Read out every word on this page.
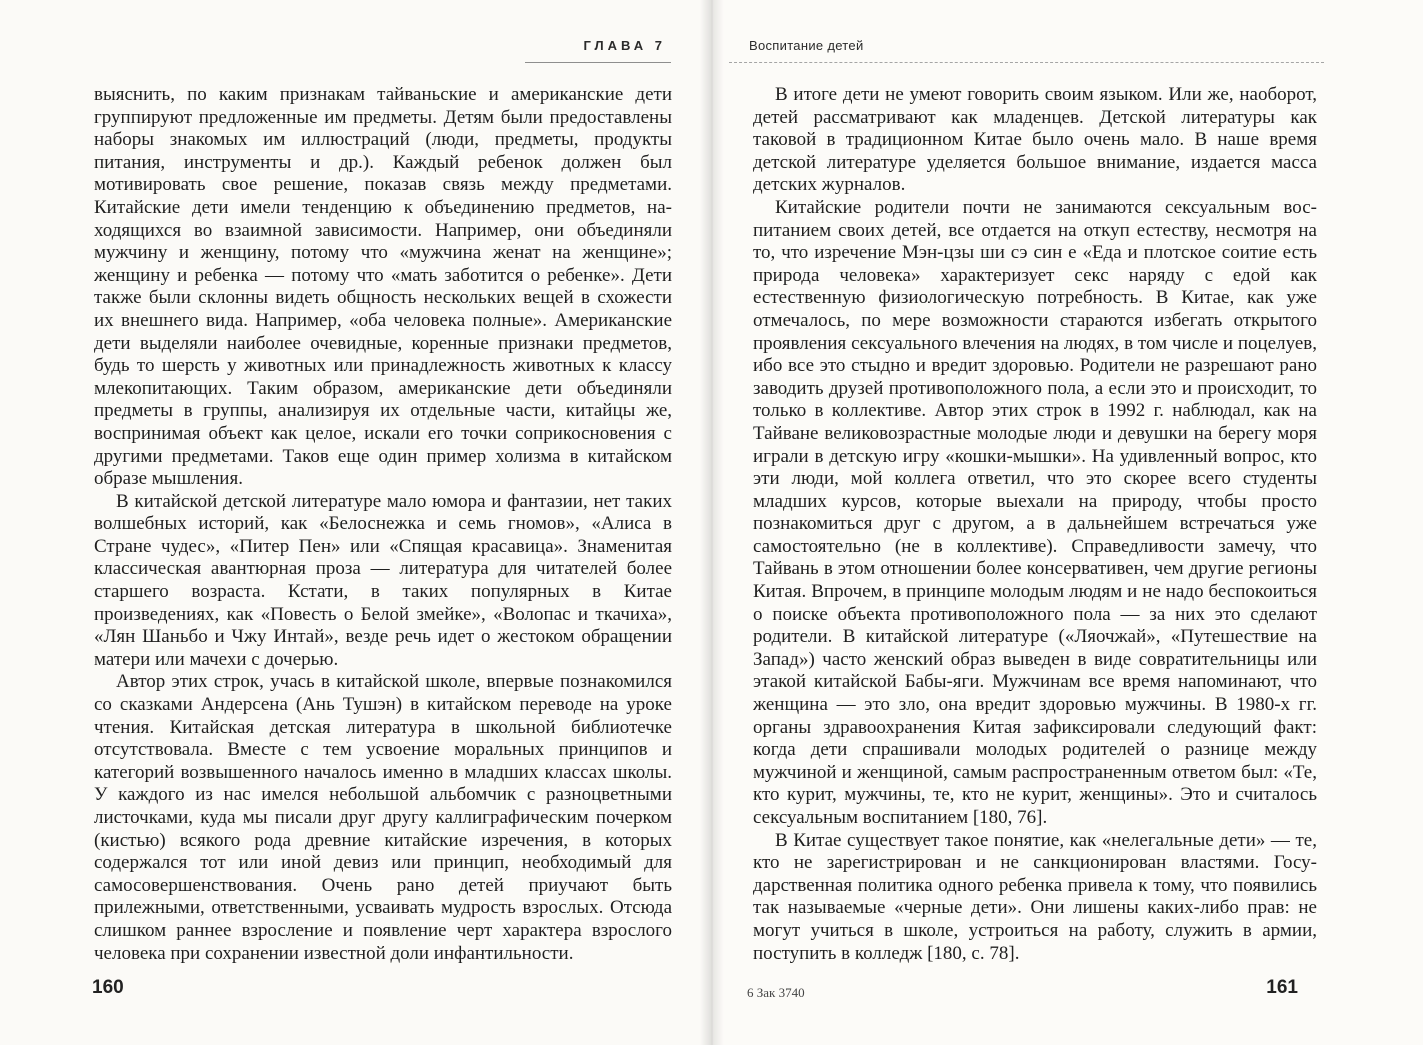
ГЛАВА 7

выяснить, по каким признакам тайваньские и американские дети группируют предложенные им предметы. Детям были предоставлены наборы знакомых им иллюстраций (люди, предметы, продукты питания, инструменты и др.). Каждый ребенок должен был мотивировать свое решение, показав связь между предметами. Китайские дети имели тенденцию к объединению предметов, находящихся во взаимной зависимости. Например, они объединяли мужчину и женщину, потому что «мужчина женат на женщине»; женщину и ребенка — потому что «мать заботится о ребенке». Дети также были склонны видеть общность нескольких вещей в схожести их внешнего вида. Например, «оба человека полные». Американские дети выделяли наиболее очевидные, коренные признаки предметов, будь то шерсть у животных или принадлежность животных к классу млекопитающих. Таким образом, американские дети объединяли предметы в группы, анализируя их отдельные части, китайцы же, воспринимая объект как целое, искали его точки соприкосновения с другими предметами. Таков еще один пример холизма в китайском образе мышления.

В китайской детской литературе мало юмора и фантазии, нет таких волшебных историй, как «Белоснежка и семь гномов», «Алиса в Стране чудес», «Питер Пен» или «Спящая красавица». Знаменитая классическая авантюрная проза — литература для читателей более старшего возраста. Кстати, в таких популярных в Китае произведениях, как «Повесть о Белой змейке», «Волопас и ткачиха», «Лян Шаньбо и Чжу Интай», везде речь идет о жестоком обращении матери или мачехи с дочерью.

Автор этих строк, учась в китайской школе, впервые познакомился со сказками Андерсена (Ань Тушэн) в китайском переводе на уроке чтения. Китайская детская литература в школьной библиотечке отсутствовала. Вместе с тем усвоение моральных принципов и категорий возвышенного началось именно в младших классах школы. У каждого из нас имелся небольшой альбомчик с разноцветными листочками, куда мы писали друг другу каллиграфическим почерком (кистью) всякого рода древние китайские изречения, в которых содержался тот или иной девиз или принцип, необходимый для самосовершенствования. Очень рано детей приучают быть прилежными, ответственными, усваивать мудрость взрослых. Отсюда слишком раннее взросление и появление черт характера взрослого человека при сохранении известной доли инфантильности.

160
Воспитание детей

В итоге дети не умеют говорить своим языком. Или же, наоборот, детей рассматривают как младенцев. Детской литературы как таковой в традиционном Китае было очень мало. В наше время детской литературе уделяется большое внимание, издается масса детских журналов.

Китайские родители почти не занимаются сексуальным воспитанием своих детей, все отдается на откуп естеству, несмотря на то, что изречение Мэн-цзы ши сэ син е «Еда и плотское соитие есть природа человека» характеризует секс наряду с едой как естественную физиологическую потребность. В Китае, как уже отмечалось, по мере возможности стараются избегать открытого проявления сексуального влечения на людях, в том числе и поцелуев, ибо все это стыдно и вредит здоровью. Родители не разрешают рано заводить друзей противоположного пола, а если это и происходит, то только в коллективе. Автор этих строк в 1992 г. наблюдал, как на Тайване великовозрастные молодые люди и девушки на берегу моря играли в детскую игру «кошки-мышки». На удивленный вопрос, кто эти люди, мой коллега ответил, что это скорее всего студенты младших курсов, которые выехали на природу, чтобы просто познакомиться друг с другом, а в дальнейшем встречаться уже самостоятельно (не в коллективе). Справедливости замечу, что Тайвань в этом отношении более консервативен, чем другие регионы Китая. Впрочем, в принципе молодым людям и не надо беспокоиться о поиске объекта противоположного пола — за них это сделают родители. В китайской литературе («Ляочжай», «Путешествие на Запад») часто женский образ выведен в виде совратительницы или этакой китайской Бабы-яги. Мужчинам все время напоминают, что женщина — это зло, она вредит здоровью мужчины. В 1980-х гг. органы здравоохранения Китая зафиксировали следующий факт: когда дети спрашивали молодых родителей о разнице между мужчиной и женщиной, самым распространенным ответом был: «Те, кто курит, мужчины, те, кто не курит, женщины». Это и считалось сексуальным воспитанием [180, 76].

В Китае существует такое понятие, как «нелегальные дети» — те, кто не зарегистрирован и не санкционирован властями. Государственная политика одного ребенка привела к тому, что появились так называемые «черные дети». Они лишены каких-либо прав: не могут учиться в школе, устроиться на работу, служить в армии, поступить в колледж [180, с. 78].

6 Зак 3740	161
